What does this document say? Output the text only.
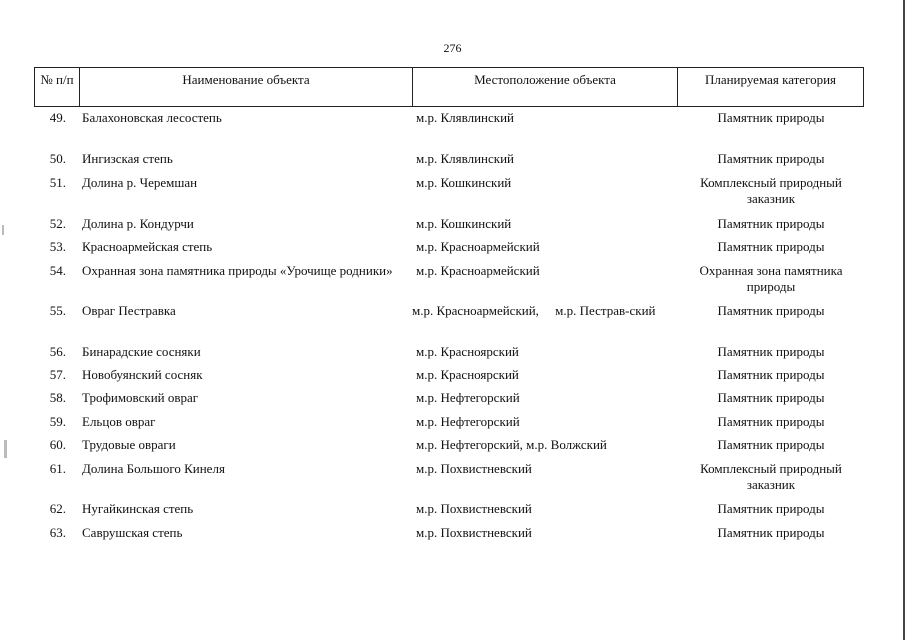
276
№ п/п	Наименование объекта	Местоположение объекта	Планируемая категория
49. Балахоновская лесостепь	м.р. Клявлинский	Памятник природы
50. Ингизская степь	м.р. Клявлинский	Памятник природы
51. Долина р. Черемшан	м.р. Кошкинский	Комплексный природный заказник
52. Долина р. Кондурчи	м.р. Кошкинский	Памятник природы
53. Красноармейская степь	м.р. Красноармейский	Памятник природы
54. Охранная зона памятника природы «Урочище родники»	м.р. Красноармейский	Охранная зона памятника природы
55. Овраг Пестравка	м.р. Красноармейский,     м.р. Пестрав-ский	Памятник природы
56. Бинарадские сосняки	м.р. Красноярский	Памятник природы
57. Новобуянский сосняк	м.р. Красноярский	Памятник природы
58. Трофимовский овраг	м.р. Нефтегорский	Памятник природы
59. Ельцов овраг	м.р. Нефтегорский	Памятник природы
60. Трудовые овраги	м.р. Нефтегорский, м.р. Волжский	Памятник природы
61. Долина Большого Кинеля	м.р. Похвистневский	Комплексный природный заказник
62. Нугайкинская степь	м.р. Похвистневский	Памятник природы
63. Саврушская степь	м.р. Похвистневский	Памятник природы
